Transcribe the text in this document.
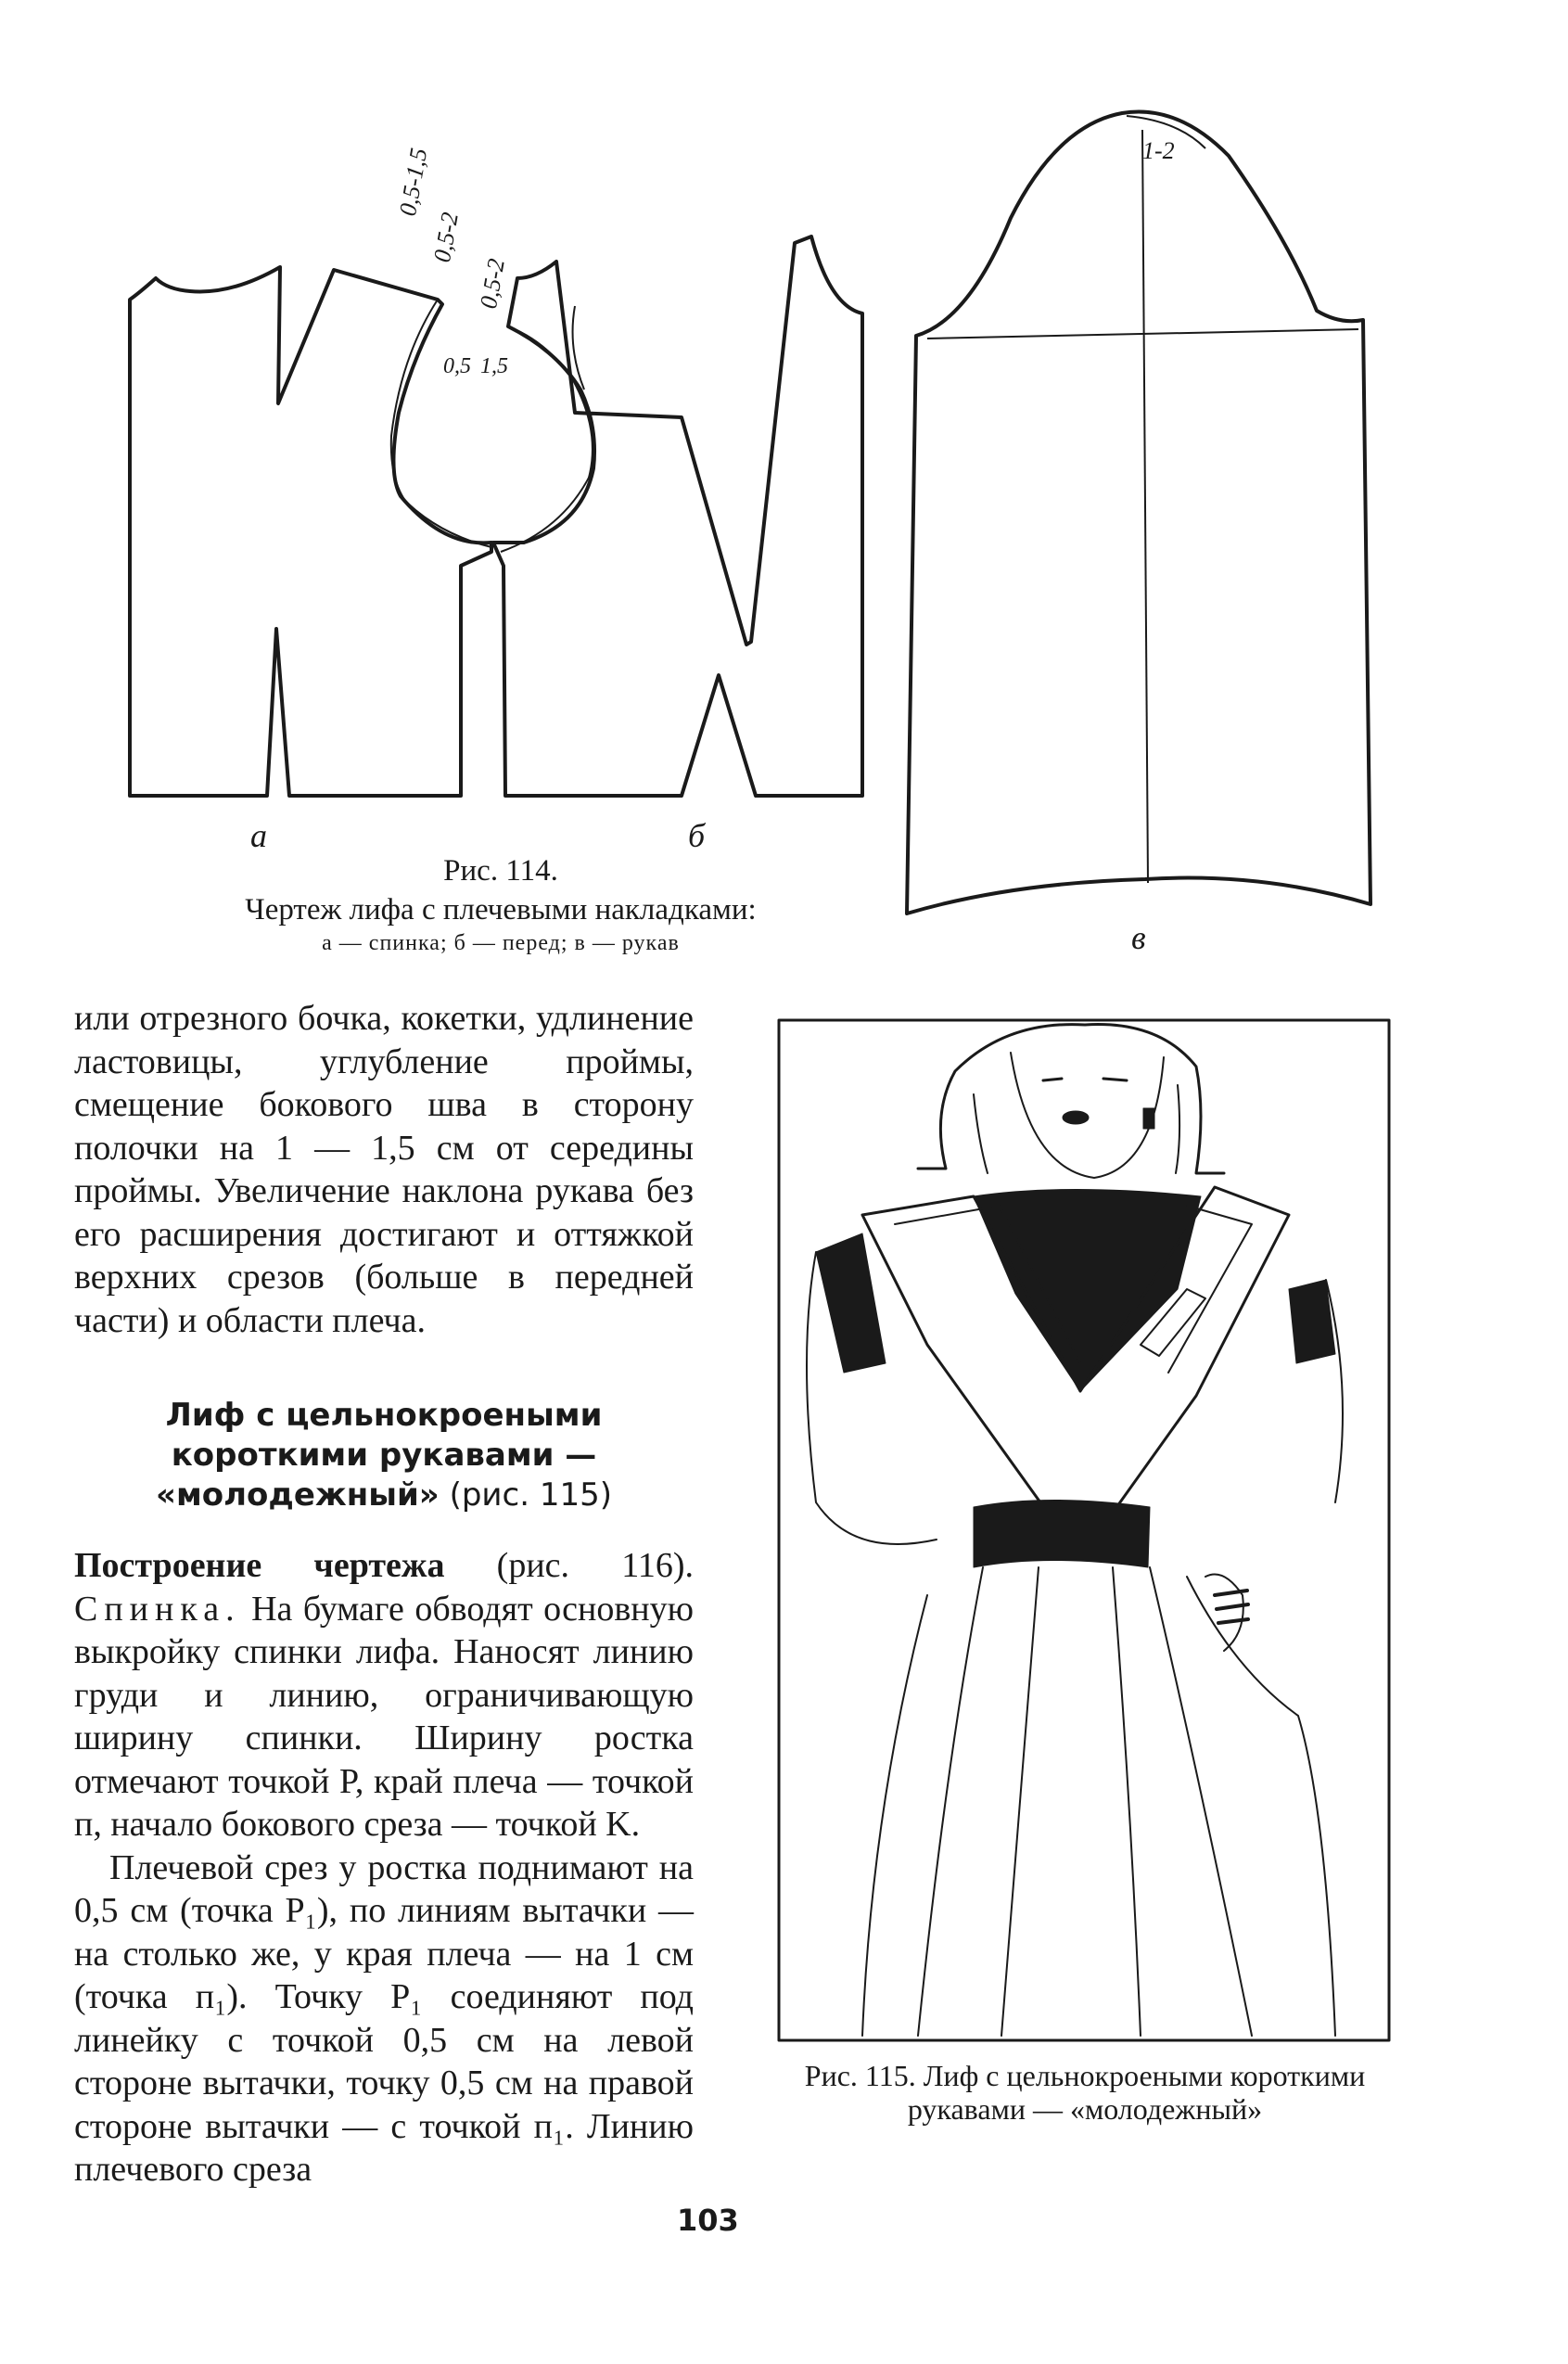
а	б
в
0,5-1,5
0,5-2
0,5-2
0,5 1,5
1-2
Рис. 114.
Чертеж лифа с плечевыми накладками:
а — спинка; б — перед; в — рукав

или отрезного бочка, кокетки, удлинение ластовицы, углубление проймы, смещение бокового шва в сторону полочки на 1 — 1,5 см от середины проймы. Увеличение наклона рукава без его расширения достигают и оттяжкой верхних срезов (больше в передней части) и области плеча.

Лиф с цельнокроеными короткими рукавами — «молодежный» (рис. 115)

Построение чертежа (рис. 116). Спинка. На бумаге обводят основную выкройку спинки лифа. Наносят линию груди и линию, ограничивающую ширину спинки. Ширину ростка отмечают точкой P, край плеча — точкой п, начало бокового среза — точкой K.

Плечевой срез у ростка поднимают на 0,5 см (точка P₁), по линиям вытачки — на столько же, у края плеча — на 1 см (точка п₁). Точку P₁ соединяют под линейку с точкой 0,5 см на левой стороне вытачки, точку 0,5 см на правой стороне вытачки — с точкой п₁. Линию плечевого среза

Рис. 115. Лиф с цельнокроеными короткими рукавами — «молодежный»
103
